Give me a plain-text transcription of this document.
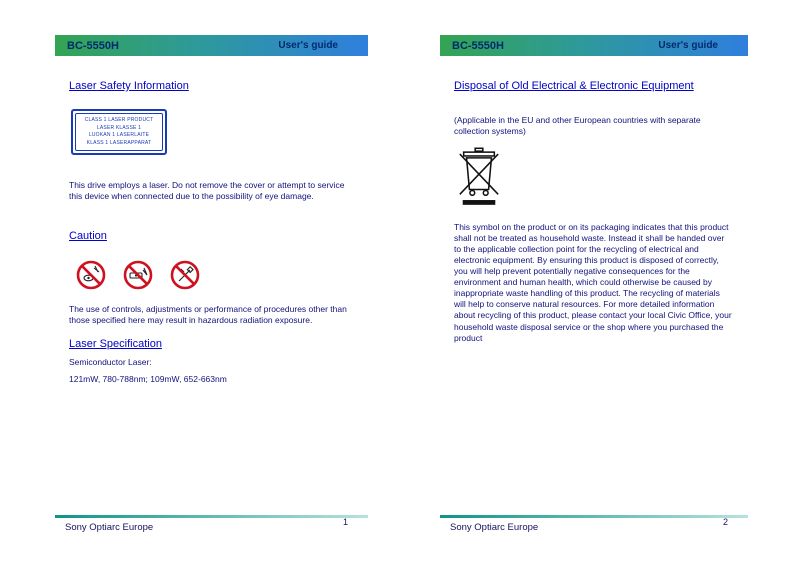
BC-5550H	User's guide
Laser Safety Information
CLASS 1 LASER PRODUCT
LASER KLASSE 1
LUOKAN 1 LASERLAITE
KLASS 1 LASERAPPARAT

This drive employs a laser. Do not remove the cover or attempt to service this device when connected due to the possibility of eye damage.

Caution

The use of controls, adjustments or performance of procedures other than those specified here may result in hazardous radiation exposure.

Laser Specification

Semiconductor Laser:

121mW, 780-788nm; 109mW, 652-663nm

Sony Optiarc Europe	1
BC-5550H	User's guide
Disposal of Old Electrical & Electronic Equipment

(Applicable in the EU and other European countries with separate collection systems)

This symbol on the product or on its packaging indicates that this product shall not be treated as household waste. Instead it shall be handed over to the applicable collection point for the recycling of electrical and electronic equipment. By ensuring this product is disposed of correctly, you will help prevent potentially negative consequences for the environment and human health, which could otherwise be caused by inappropriate waste handling of this product. The recycling of materials will help to conserve natural resources. For more detailed information about recycling of this product, please contact your local Civic Office, your household waste disposal service or the shop where you purchased the product

Sony Optiarc Europe	2
